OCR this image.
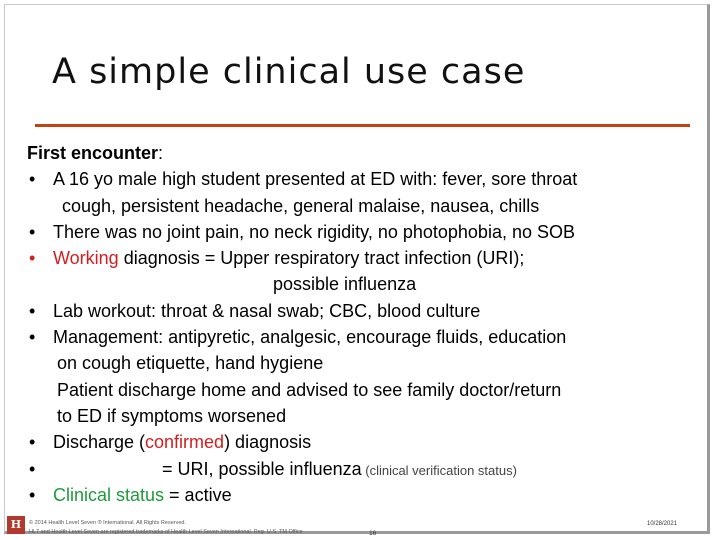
A simple clinical use case
First encounter:
• A 16 yo male high student presented at ED with: fever, sore throat
cough, persistent headache, general malaise, nausea, chills
• There was no joint pain, no neck rigidity, no photophobia, no SOB
• Working diagnosis = Upper respiratory tract infection (URI);
possible influenza
• Lab workout: throat & nasal swab; CBC, blood culture
• Management: antipyretic, analgesic, encourage fluids, education
on cough etiquette, hand hygiene
Patient discharge home and advised to see family doctor/return
to ED if symptoms worsened
• Discharge (confirmed) diagnosis
•	= URI, possible influenza (clinical verification status)
• Clinical status = active
H	© 2014 Health Level Seven ® International. All Rights Reserved.
HL7 and Health Level Seven are registered trademarks of Health Level Seven International. Reg. U.S. TM Office	16
10/28/2021
